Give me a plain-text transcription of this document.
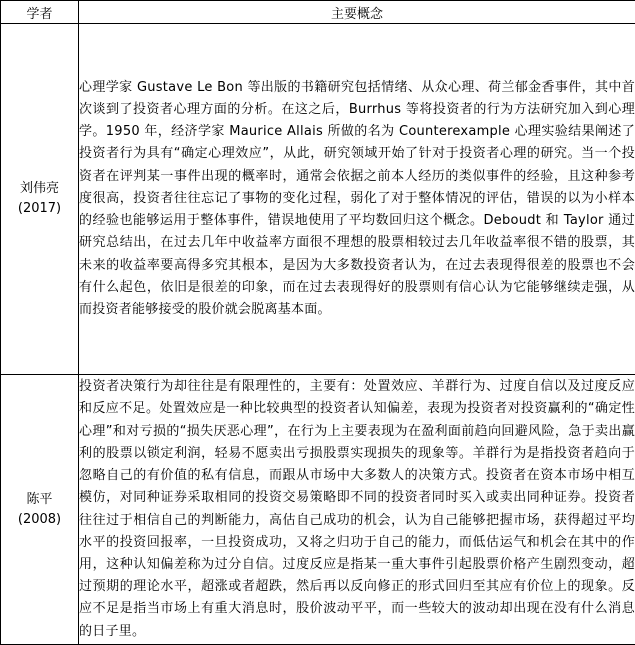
学者	主要概念

刘伟亮
(2017)	心理学家 Gustave Le Bon 等出版的书籍研究包括情绪、从众心理、荷兰郁金香事件，其中首次谈到了投资者心理方面的分析。在这之后，Burrhus 等将投资者的行为方法研究加入到心理学。1950 年，经济学家 Maurice Allais 所做的名为 Counterexample 心理实验结果阐述了投资者行为具有“确定心理效应”，从此，研究领域开始了针对于投资者心理的研究。当一个投资者在评判某一事件出现的概率时，通常会依据之前本人经历的类似事件的经验，且这种参考度很高，投资者往往忘记了事物的变化过程，弱化了对于整体情况的评估，错误的以为小样本的经验也能够运用于整体事件，错误地使用了平均数回归这个概念。Deboudt 和 Taylor 通过研究总结出，在过去几年中收益率方面很不理想的股票相较过去几年收益率很不错的股票，其未来的收益率要高得多究其根本，是因为大多数投资者认为，在过去表现得很差的股票也不会有什么起色，依旧是很差的印象，而在过去表现得好的股票则有信心认为它能够继续走强，从而投资者能够接受的股价就会脱离基本面。

陈平
(2008)	投资者决策行为却往往是有限理性的，主要有：处置效应、羊群行为、过度自信以及过度反应和反应不足。处置效应是一种比较典型的投资者认知偏差，表现为投资者对投资赢利的“确定性心理”和对亏损的“损失厌恶心理”，在行为上主要表现为在盈利面前趋向回避风险，急于卖出赢利的股票以锁定利润，轻易不愿卖出亏损股票实现损失的现象等。羊群行为是指投资者趋向于忽略自己的有价值的私有信息，而跟从市场中大多数人的决策方式。投资者在资本市场中相互模仿，对同种证券采取相同的投资交易策略即不同的投资者同时买入或卖出同种证券。投资者往往过于相信自己的判断能力，高估自己成功的机会，认为自己能够把握市场，获得超过平均水平的投资回报率，一旦投资成功，又将之归功于自己的能力，而低估运气和机会在其中的作用，这种认知偏差称为过分自信。过度反应是指某一重大事件引起股票价格产生剧烈变动，超过预期的理论水平，超涨或者超跌，然后再以反向修正的形式回归至其应有价位上的现象。反应不足是指当市场上有重大消息时，股价波动平平，而一些较大的波动却出现在没有什么消息的日子里。
